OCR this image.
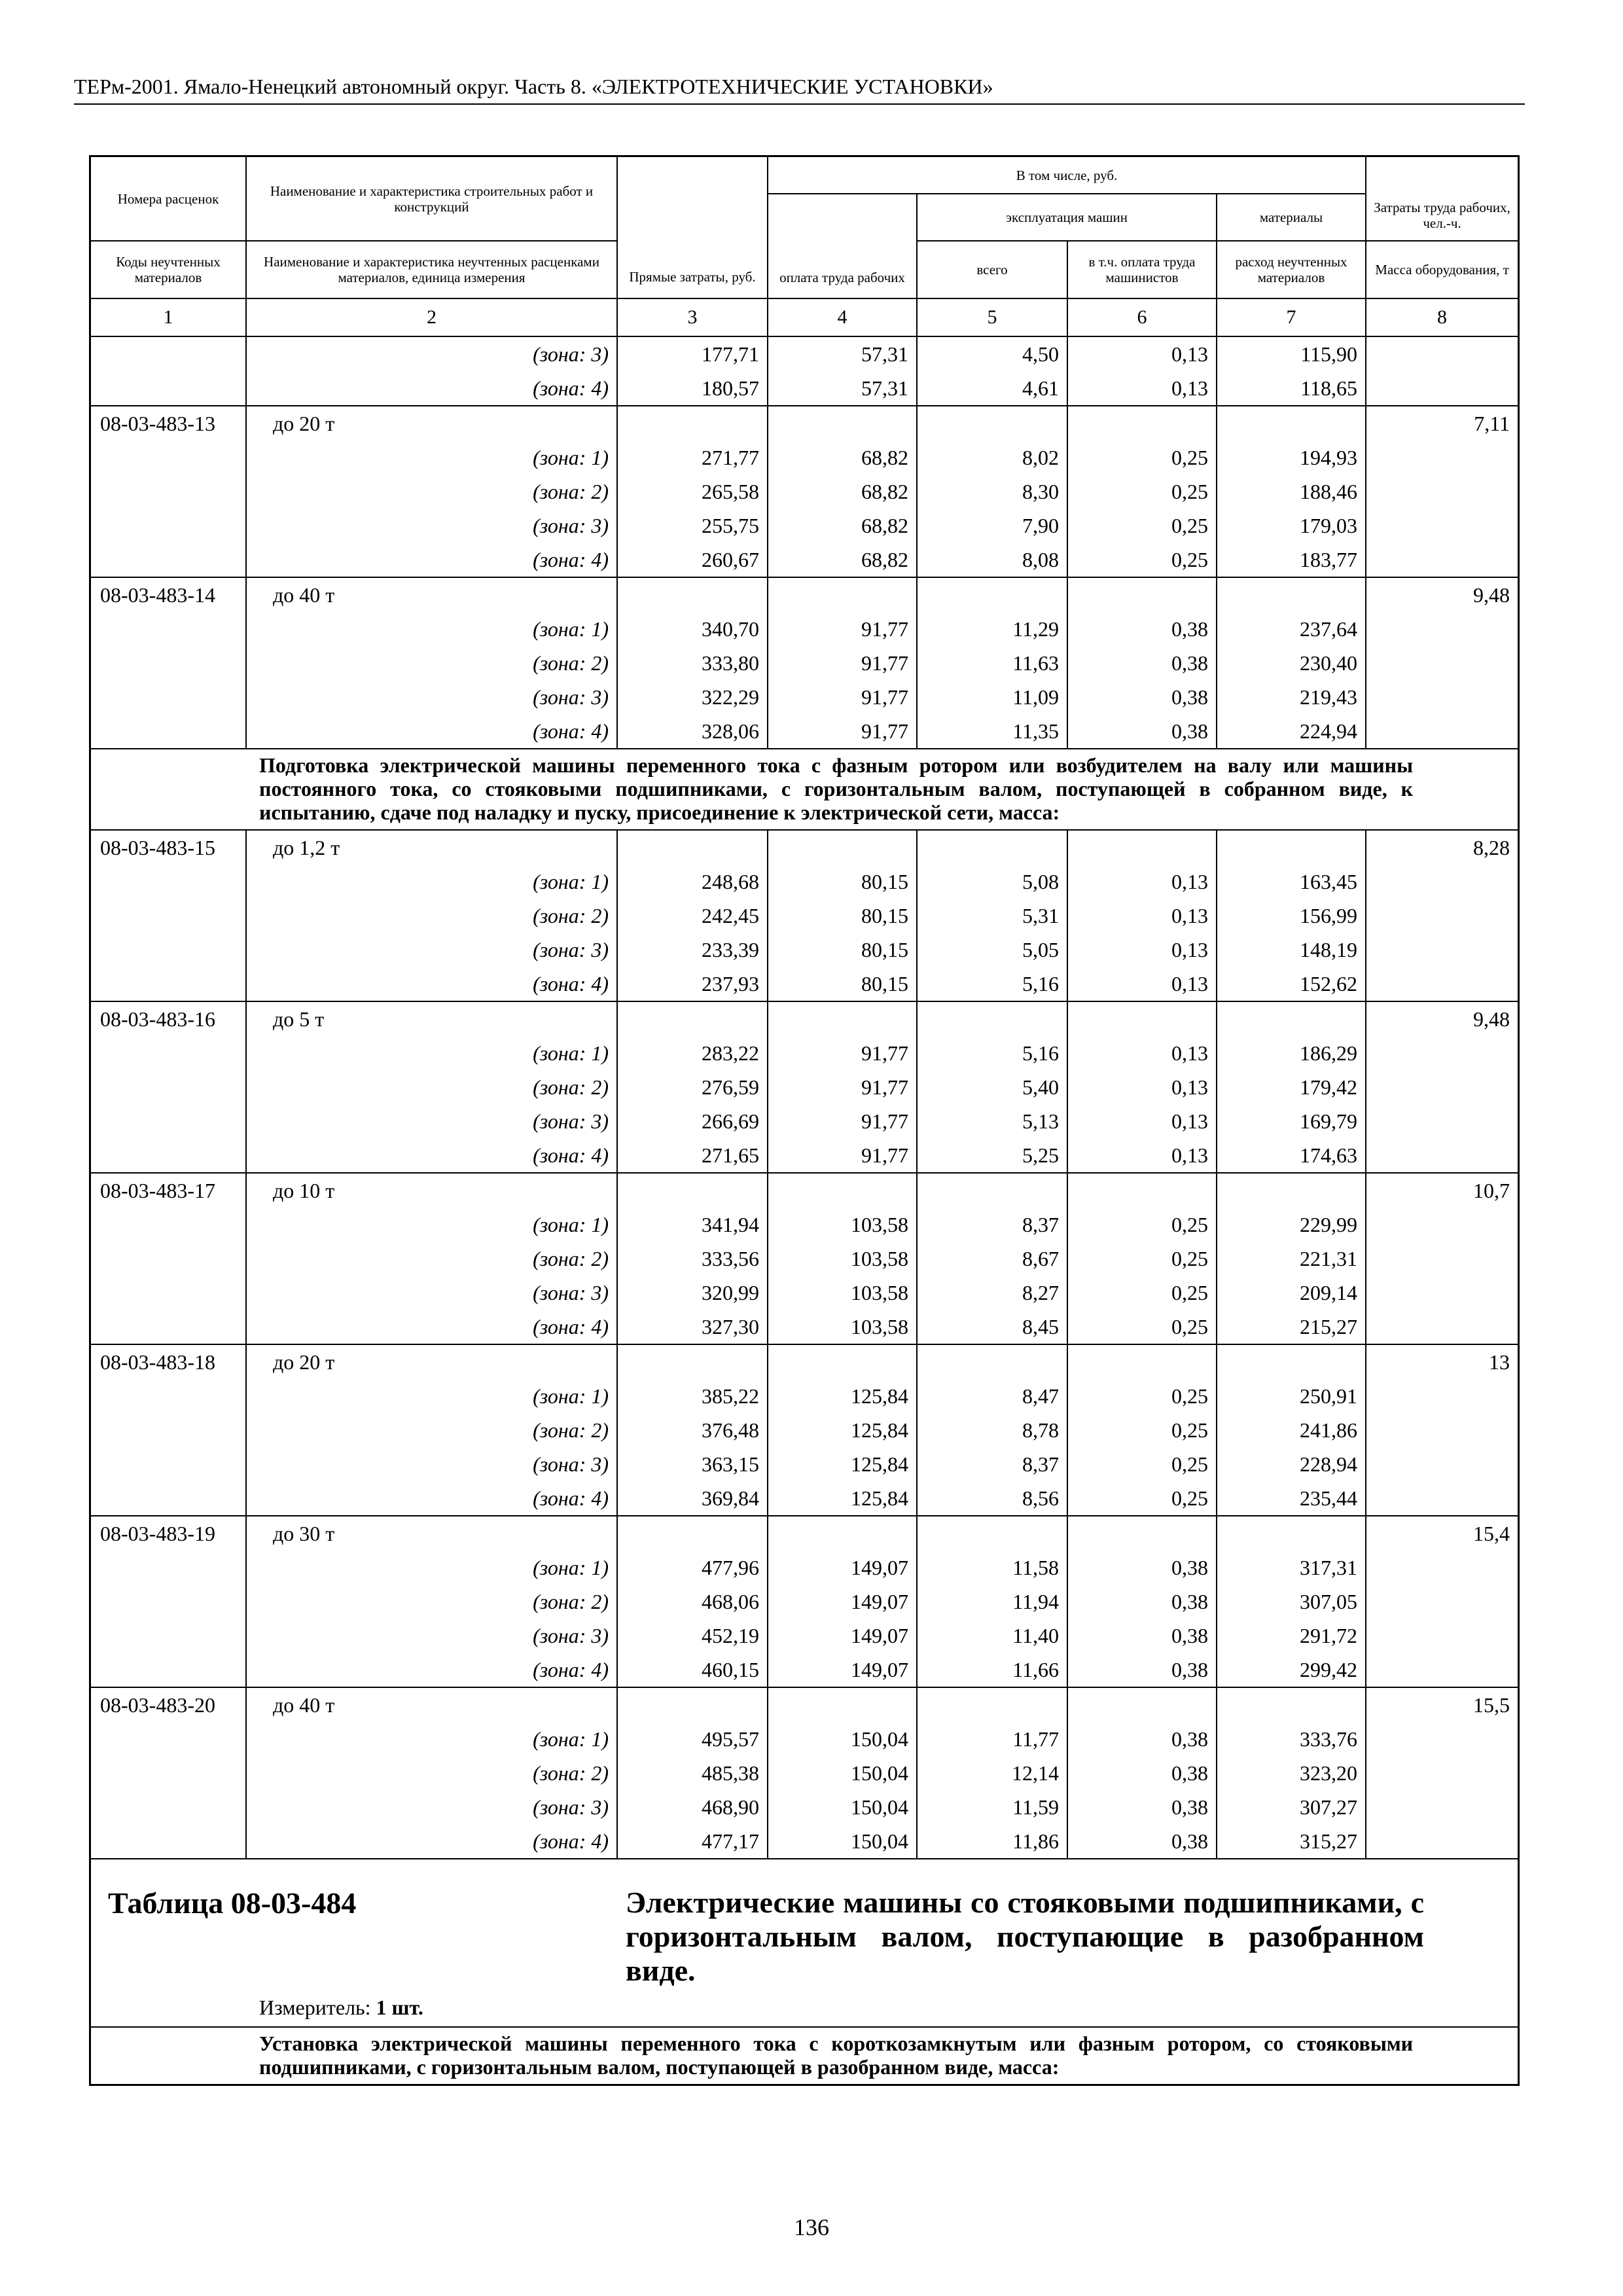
ТЕРм-2001. Ямало-Ненецкий автономный округ. Часть 8. «ЭЛЕКТРОТЕХНИЧЕСКИЕ УСТАНОВКИ»
Номера расценок	Наименование и характеристика строительных работ и конструкций	Прямые затраты, руб.	В том числе, руб.				Затраты труда рабочих, чел.-ч.
				эксплуатация машин		материалы	
Коды неучтенных материалов	Наименование и характеристика неучтенных расценками материалов, единица измерения			всего	в т.ч. оплата труда машинистов	расход неучтенных материалов	Масса оборудования, т
			оплата труда рабочих				
1	2	3	4	5	6	7	8

	(зона: 3)	177,71	57,31	4,50	0,13	115,90	

	(зона: 4)	180,57	57,31	4,61	0,13	118,65	
08-03-483-13	до 20 т						7,11

	(зона: 1)	271,77	68,82	8,02	0,25	194,93	

	(зона: 2)	265,58	68,82	8,30	0,25	188,46	

	(зона: 3)	255,75	68,82	7,90	0,25	179,03	

	(зона: 4)	260,67	68,82	8,08	0,25	183,77	
08-03-483-14	до 40 т						9,48

	(зона: 1)	340,70	91,77	11,29	0,38	237,64	

	(зона: 2)	333,80	91,77	11,63	0,38	230,40	

	(зона: 3)	322,29	91,77	11,09	0,38	219,43	

	(зона: 4)	328,06	91,77	11,35	0,38	224,94	
Подготовка электрической машины переменного тока с фазным ротором или возбудителем на валу или машины постоянного тока, со стояковыми подшипниками, с горизонтальным валом, поступающей в собранном виде, к испытанию, сдаче под наладку и пуску, присоединение к электрической сети, масса:							
08-03-483-15	до 1,2 т						8,28

	(зона: 1)	248,68	80,15	5,08	0,13	163,45	

	(зона: 2)	242,45	80,15	5,31	0,13	156,99	

	(зона: 3)	233,39	80,15	5,05	0,13	148,19	

	(зона: 4)	237,93	80,15	5,16	0,13	152,62	
08-03-483-16	до 5 т						9,48

	(зона: 1)	283,22	91,77	5,16	0,13	186,29	

	(зона: 2)	276,59	91,77	5,40	0,13	179,42	

	(зона: 3)	266,69	91,77	5,13	0,13	169,79	

	(зона: 4)	271,65	91,77	5,25	0,13	174,63	
08-03-483-17	до 10 т						10,7

	(зона: 1)	341,94	103,58	8,37	0,25	229,99	

	(зона: 2)	333,56	103,58	8,67	0,25	221,31	

	(зона: 3)	320,99	103,58	8,27	0,25	209,14	

	(зона: 4)	327,30	103,58	8,45	0,25	215,27	
08-03-483-18	до 20 т						13

	(зона: 1)	385,22	125,84	8,47	0,25	250,91	

	(зона: 2)	376,48	125,84	8,78	0,25	241,86	

	(зона: 3)	363,15	125,84	8,37	0,25	228,94	

	(зона: 4)	369,84	125,84	8,56	0,25	235,44	
08-03-483-19	до 30 т						15,4

	(зона: 1)	477,96	149,07	11,58	0,38	317,31	

	(зона: 2)	468,06	149,07	11,94	0,38	307,05	

	(зона: 3)	452,19	149,07	11,40	0,38	291,72	

	(зона: 4)	460,15	149,07	11,66	0,38	299,42	
08-03-483-20	до 40 т						15,5

	(зона: 1)	495,57	150,04	11,77	0,38	333,76	

	(зона: 2)	485,38	150,04	12,14	0,38	323,20	

	(зона: 3)	468,90	150,04	11,59	0,38	307,27	

	(зона: 4)	477,17	150,04	11,86	0,38	315,27	

Таблица 08-03-484 Электрические машины со стояковыми подшипниками, с горизонтальным валом, поступающие в разобранном виде.
Измеритель: 1 шт.							

Установка электрической машины переменного тока с короткозамкнутым или фазным ротором, со стояковыми подшипниками, с горизонтальным валом, поступающей в разобранном виде, масса:							
136
